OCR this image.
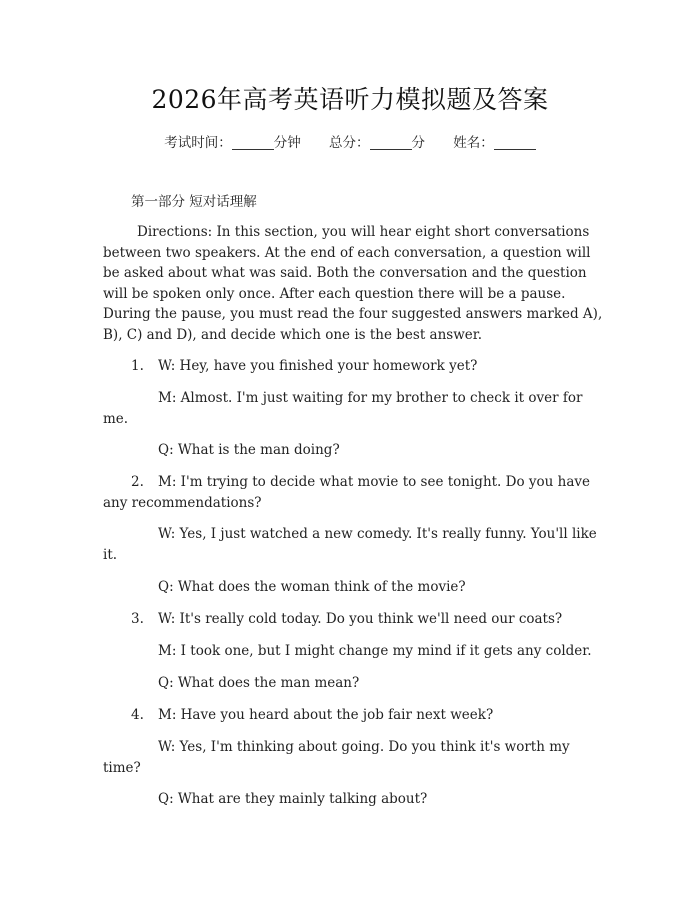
2026年高考英语听力模拟题及答案
考试时间：	分钟 总分：	分 姓名：
第一部分 短对话理解

Directions: In this section, you will hear eight short conversations between two speakers. At the end of each conversation, a question will be asked about what was said. Both the conversation and the question will be spoken only once. After each question there will be a pause. During the pause, you must read the four suggested answers marked A), B), C) and D), and decide which one is the best answer.

1. W: Hey, have you finished your homework yet?

M: Almost. I'm just waiting for my brother to check it over for me.

Q: What is the man doing?
2.	M: I'm trying to decide what movie to see tonight. Do you have any recommendations?

W: Yes, I just watched a new comedy. It's really funny. You'll like it.

Q: What does the woman think of the movie?
3. W: It's really cold today. Do you think we'll need our coats?
M: I took one, but I might change my mind if it gets any colder.
Q: What does the man mean?
4. M: Have you heard about the job fair next week?

W: Yes, I'm thinking about going. Do you think it's worth my time?

Q: What are they mainly talking about?
